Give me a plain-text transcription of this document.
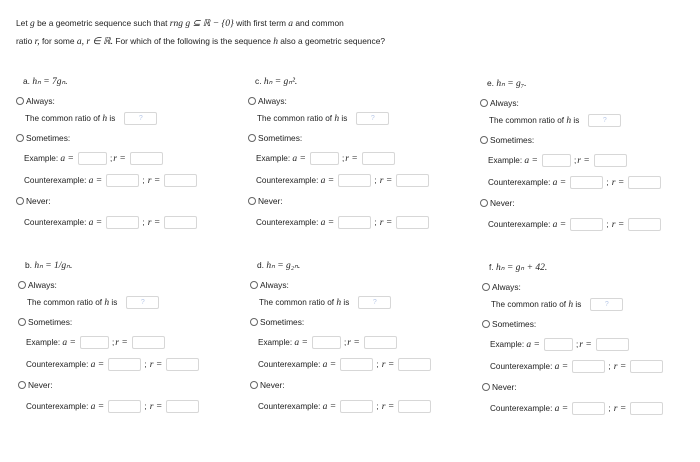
Let g be a geometric sequence such that rng g ⊆ ℝ − {0} with first term a and common
ratio r, for some a, r ∈ ℝ. For which of the following is the sequence h also a geometric sequence?
a. hₙ = 7gₙ.
Always:
The common ratio of
h
is	?
Sometimes:
Example:
a =	; r =
Counterexample:
a =	;
r =
Never:
Counterexample:
a =	;
r =
b. hₙ = 1/gₙ.
Always:
The common ratio of
h
is	?
Sometimes:
Example:
a =	; r =
Counterexample:
a =	;
r =
Never:
Counterexample:
a =	;
r =
c. hₙ = gₙ².
Always:
The common ratio of
h
is	?
Sometimes:
Example:
a =	; r =
Counterexample:
a =	;
r =
Never:
Counterexample:
a =	;
r =
d. hₙ = g₂ₙ.
Always:
The common ratio of
h
is	?
Sometimes:
Example:
a =	; r =
Counterexample:
a =	;
r =
Never:
Counterexample:
a =	;
r =
e. hₙ = g₇.
Always:
The common ratio of
h
is	?
Sometimes:
Example:
a =	; r =
Counterexample:
a =	;
r =
Never:
Counterexample:
a =	;
r =
f. hₙ = gₙ + 42.
Always:
The common ratio of
h
is	?
Sometimes:
Example:
a =	; r =
Counterexample:
a =	;
r =
Never:
Counterexample:
a =	;
r =
